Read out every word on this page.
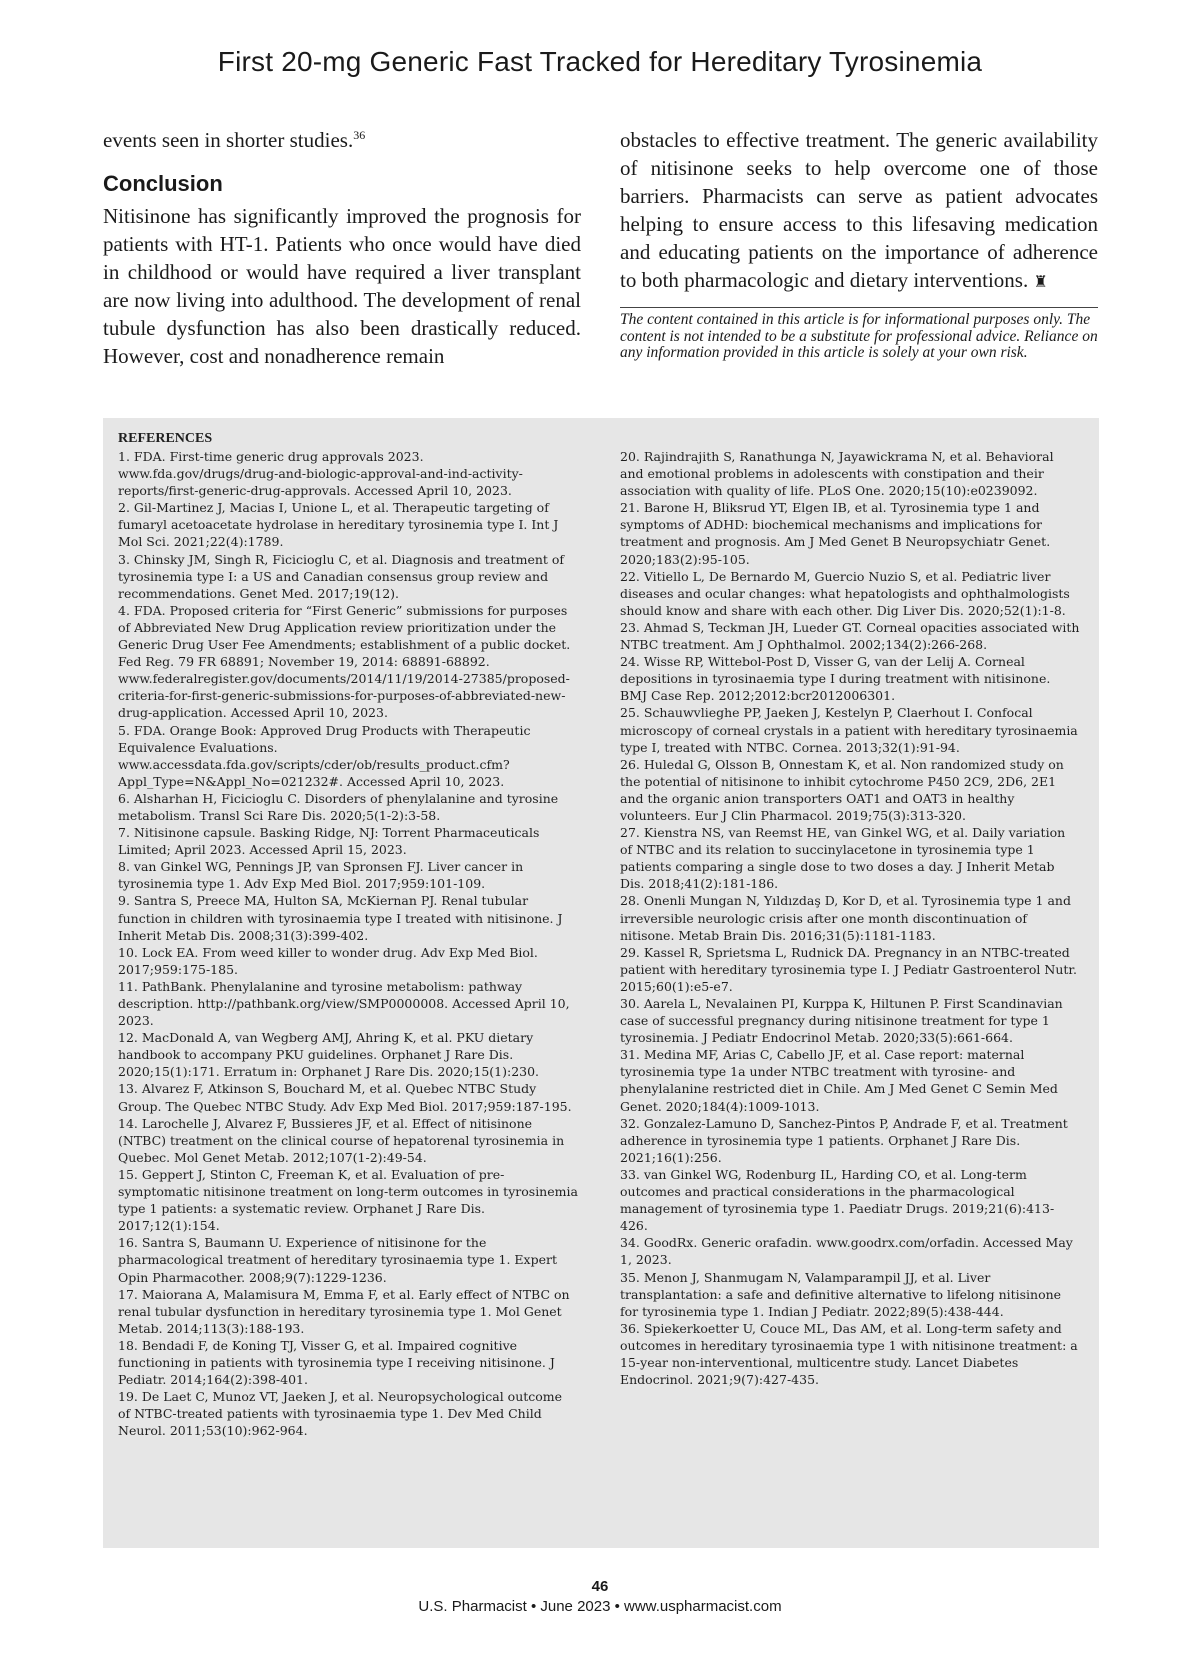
First 20-mg Generic Fast Tracked for Hereditary Tyrosinemia

events seen in shorter studies.$^{36}$

Conclusion

Nitisinone has significantly improved the prognosis for patients with HT-1. Patients who once would have died in childhood or would have required a liver transplant are now living into adulthood. The development of renal tubule dysfunction has also been drastically reduced. However, cost and nonadherence remain

obstacles to effective treatment. The generic availability of nitisinone seeks to help overcome one of those barriers. Pharmacists can serve as patient advocates helping to ensure access to this lifesaving medication and educating patients on the importance of adherence to both pharmacologic and dietary interventions. ♜

The content contained in this article is for informational purposes only. The content is not intended to be a substitute for professional advice. Reliance on any information provided in this article is solely at your own risk.
REFERENCES

1. FDA. First-time generic drug approvals 2023. www.fda.gov/drugs/drug-and-biologic-approval-and-ind-activity-reports/first-generic-drug-approvals. Accessed April 10, 2023.

2. Gil-Martinez J, Macias I, Unione L, et al. Therapeutic targeting of fumaryl acetoacetate hydrolase in hereditary tyrosinemia type I. Int J Mol Sci. 2021;22(4):1789.

3. Chinsky JM, Singh R, Ficicioglu C, et al. Diagnosis and treatment of tyrosinemia type I: a US and Canadian consensus group review and recommendations. Genet Med. 2017;19(12).

4. FDA. Proposed criteria for “First Generic” submissions for purposes of Abbreviated New Drug Application review prioritization under the Generic Drug User Fee Amendments; establishment of a public docket. Fed Reg. 79 FR 68891; November 19, 2014: 68891-68892. www.federalregister.gov/documents/2014/11/19/2014-27385/proposed-criteria-for-first-generic-submissions-for-purposes-of-abbreviated-new-drug-application. Accessed April 10, 2023.

5. FDA. Orange Book: Approved Drug Products with Therapeutic Equivalence Evaluations. www.accessdata.fda.gov/scripts/cder/ob/results_product.cfm?Appl_Type=N&Appl_No=021232#. Accessed April 10, 2023.

6. Alsharhan H, Ficicioglu C. Disorders of phenylalanine and tyrosine metabolism. Transl Sci Rare Dis. 2020;5(1-2):3-58.

7. Nitisinone capsule. Basking Ridge, NJ: Torrent Pharmaceuticals Limited; April 2023. Accessed April 15, 2023.

8. van Ginkel WG, Pennings JP, van Spronsen FJ. Liver cancer in tyrosinemia type 1. Adv Exp Med Biol. 2017;959:101-109.

9. Santra S, Preece MA, Hulton SA, McKiernan PJ. Renal tubular function in children with tyrosinaemia type I treated with nitisinone. J Inherit Metab Dis. 2008;31(3):399-402.

10. Lock EA. From weed killer to wonder drug. Adv Exp Med Biol. 2017;959:175-185.

11. PathBank. Phenylalanine and tyrosine metabolism: pathway description. http://pathbank.org/view/SMP0000008. Accessed April 10, 2023.

12. MacDonald A, van Wegberg AMJ, Ahring K, et al. PKU dietary handbook to accompany PKU guidelines. Orphanet J Rare Dis. 2020;15(1):171. Erratum in: Orphanet J Rare Dis. 2020;15(1):230.

13. Alvarez F, Atkinson S, Bouchard M, et al. Quebec NTBC Study Group. The Quebec NTBC Study. Adv Exp Med Biol. 2017;959:187-195.

14. Larochelle J, Alvarez F, Bussieres JF, et al. Effect of nitisinone (NTBC) treatment on the clinical course of hepatorenal tyrosinemia in Quebec. Mol Genet Metab. 2012;107(1-2):49-54.

15. Geppert J, Stinton C, Freeman K, et al. Evaluation of pre-symptomatic nitisinone treatment on long-term outcomes in tyrosinemia type 1 patients: a systematic review. Orphanet J Rare Dis. 2017;12(1):154.

16. Santra S, Baumann U. Experience of nitisinone for the pharmacological treatment of hereditary tyrosinaemia type 1. Expert Opin Pharmacother. 2008;9(7):1229-1236.

17. Maiorana A, Malamisura M, Emma F, et al. Early effect of NTBC on renal tubular dysfunction in hereditary tyrosinemia type 1. Mol Genet Metab. 2014;113(3):188-193.

18. Bendadi F, de Koning TJ, Visser G, et al. Impaired cognitive functioning in patients with tyrosinemia type I receiving nitisinone. J Pediatr. 2014;164(2):398-401.

19. De Laet C, Munoz VT, Jaeken J, et al. Neuropsychological outcome of NTBC-treated patients with tyrosinaemia type 1. Dev Med Child Neurol. 2011;53(10):962-964.

20. Rajindrajith S, Ranathunga N, Jayawickrama N, et al. Behavioral and emotional problems in adolescents with constipation and their association with quality of life. PLoS One. 2020;15(10):e0239092.

21. Barone H, Bliksrud YT, Elgen IB, et al. Tyrosinemia type 1 and symptoms of ADHD: biochemical mechanisms and implications for treatment and prognosis. Am J Med Genet B Neuropsychiatr Genet. 2020;183(2):95-105.

22. Vitiello L, De Bernardo M, Guercio Nuzio S, et al. Pediatric liver diseases and ocular changes: what hepatologists and ophthalmologists should know and share with each other. Dig Liver Dis. 2020;52(1):1-8.

23. Ahmad S, Teckman JH, Lueder GT. Corneal opacities associated with NTBC treatment. Am J Ophthalmol. 2002;134(2):266-268.

24. Wisse RP, Wittebol-Post D, Visser G, van der Lelij A. Corneal depositions in tyrosinaemia type I during treatment with nitisinone. BMJ Case Rep. 2012;2012:bcr2012006301.

25. Schauwvlieghe PP, Jaeken J, Kestelyn P, Claerhout I. Confocal microscopy of corneal crystals in a patient with hereditary tyrosinaemia type I, treated with NTBC. Cornea. 2013;32(1):91-94.

26. Huledal G, Olsson B, Onnestam K, et al. Non randomized study on the potential of nitisinone to inhibit cytochrome P450 2C9, 2D6, 2E1 and the organic anion transporters OAT1 and OAT3 in healthy volunteers. Eur J Clin Pharmacol. 2019;75(3):313-320.

27. Kienstra NS, van Reemst HE, van Ginkel WG, et al. Daily variation of NTBC and its relation to succinylacetone in tyrosinemia type 1 patients comparing a single dose to two doses a day. J Inherit Metab Dis. 2018;41(2):181-186.

28. Onenli Mungan N, Yıldızdaş D, Kor D, et al. Tyrosinemia type 1 and irreversible neurologic crisis after one month discontinuation of nitisone. Metab Brain Dis. 2016;31(5):1181-1183.

29. Kassel R, Sprietsma L, Rudnick DA. Pregnancy in an NTBC-treated patient with hereditary tyrosinemia type I. J Pediatr Gastroenterol Nutr. 2015;60(1):e5-e7.

30. Aarela L, Nevalainen PI, Kurppa K, Hiltunen P. First Scandinavian case of successful pregnancy during nitisinone treatment for type 1 tyrosinemia. J Pediatr Endocrinol Metab. 2020;33(5):661-664.

31. Medina MF, Arias C, Cabello JF, et al. Case report: maternal tyrosinemia type 1a under NTBC treatment with tyrosine- and phenylalanine restricted diet in Chile. Am J Med Genet C Semin Med Genet. 2020;184(4):1009-1013.

32. Gonzalez-Lamuno D, Sanchez-Pintos P, Andrade F, et al. Treatment adherence in tyrosinemia type 1 patients. Orphanet J Rare Dis. 2021;16(1):256.

33. van Ginkel WG, Rodenburg IL, Harding CO, et al. Long-term outcomes and practical considerations in the pharmacological management of tyrosinemia type 1. Paediatr Drugs. 2019;21(6):413-426.

34. GoodRx. Generic orafadin. www.goodrx.com/orfadin. Accessed May 1, 2023.

35. Menon J, Shanmugam N, Valamparampil JJ, et al. Liver transplantation: a safe and definitive alternative to lifelong nitisinone for tyrosinemia type 1. Indian J Pediatr. 2022;89(5):438-444.

36. Spiekerkoetter U, Couce ML, Das AM, et al. Long-term safety and outcomes in hereditary tyrosinaemia type 1 with nitisinone treatment: a 15-year non-interventional, multicentre study. Lancet Diabetes Endocrinol. 2021;9(7):427-435.

46
U.S. Pharmacist • June 2023 • www.uspharmacist.com
